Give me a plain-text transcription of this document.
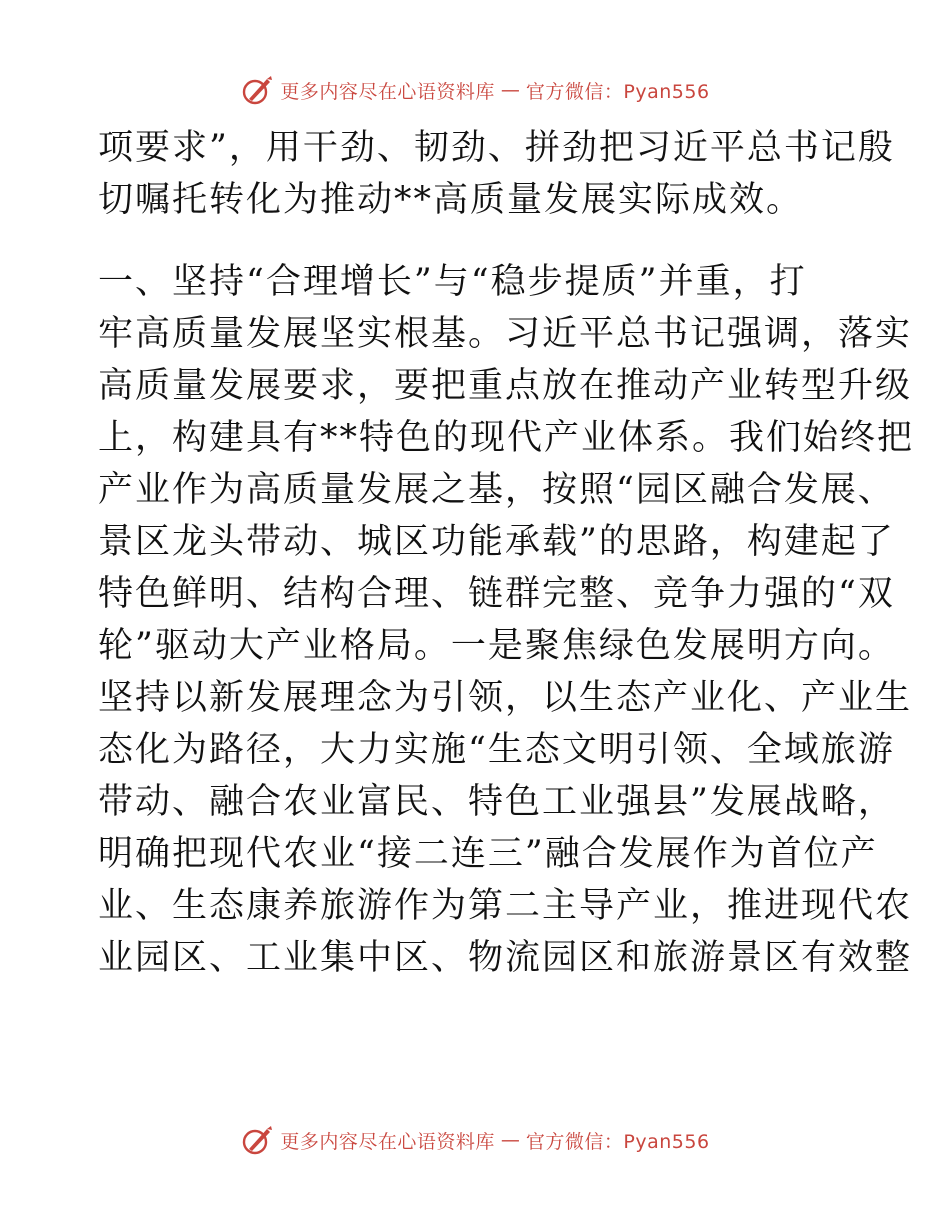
更多内容尽在心语资料库 — 官方微信：Pyan556
项要求”，用干劲、韧劲、拼劲把习近平总书记殷
切嘱托转化为推动**高质量发展实际成效。
一、坚持“合理增长”与“稳步提质”并重，打
牢高质量发展坚实根基。习近平总书记强调，落实
高质量发展要求，要把重点放在推动产业转型升级
上，构建具有**特色的现代产业体系。我们始终把
产业作为高质量发展之基，按照“园区融合发展、
景区龙头带动、城区功能承载”的思路，构建起了
特色鲜明、结构合理、链群完整、竞争力强的“双
轮”驱动大产业格局。一是聚焦绿色发展明方向。
坚持以新发展理念为引领，以生态产业化、产业生
态化为路径，大力实施“生态文明引领、全域旅游
带动、融合农业富民、特色工业强县”发展战略，
明确把现代农业“接二连三”融合发展作为首位产
业、生态康养旅游作为第二主导产业，推进现代农
业园区、工业集中区、物流园区和旅游景区有效整
更多内容尽在心语资料库 — 官方微信：Pyan556
